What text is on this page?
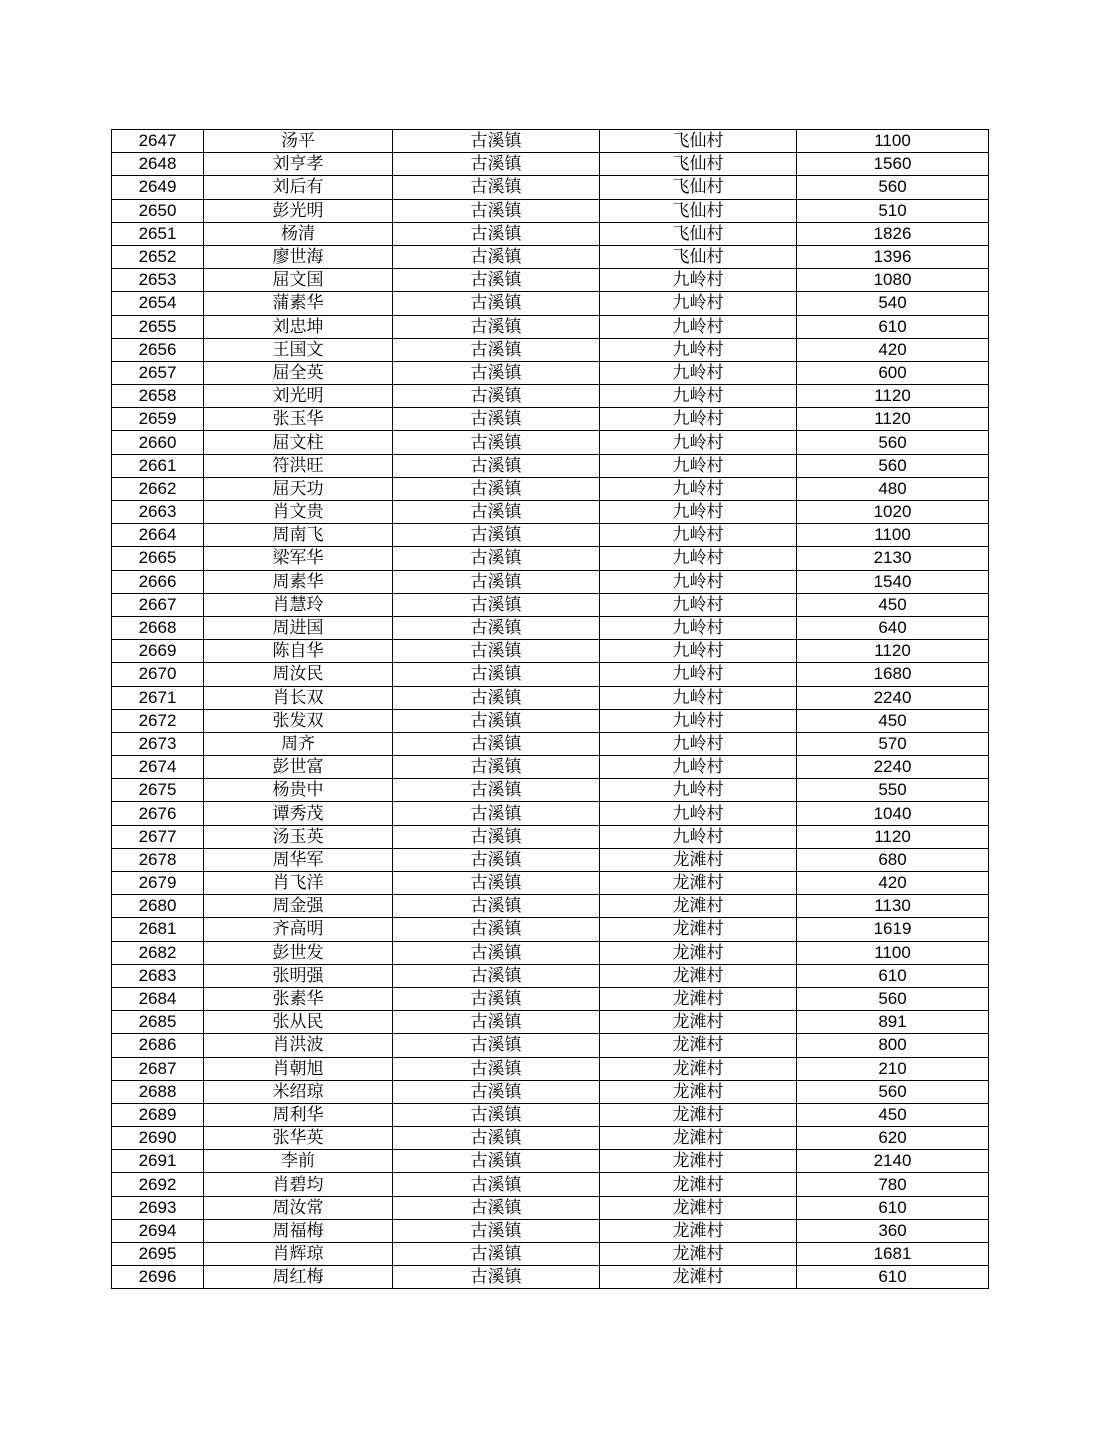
2647	汤平	古溪镇	飞仙村	1100
2648	刘亨孝	古溪镇	飞仙村	1560
2649	刘后有	古溪镇	飞仙村	560
2650	彭光明	古溪镇	飞仙村	510
2651	杨清	古溪镇	飞仙村	1826
2652	廖世海	古溪镇	飞仙村	1396
2653	屈文国	古溪镇	九岭村	1080
2654	蒲素华	古溪镇	九岭村	540
2655	刘忠坤	古溪镇	九岭村	610
2656	王国文	古溪镇	九岭村	420
2657	屈全英	古溪镇	九岭村	600
2658	刘光明	古溪镇	九岭村	1120
2659	张玉华	古溪镇	九岭村	1120
2660	屈文柱	古溪镇	九岭村	560
2661	符洪旺	古溪镇	九岭村	560
2662	屈天功	古溪镇	九岭村	480
2663	肖文贵	古溪镇	九岭村	1020
2664	周南飞	古溪镇	九岭村	1100
2665	梁军华	古溪镇	九岭村	2130
2666	周素华	古溪镇	九岭村	1540
2667	肖慧玲	古溪镇	九岭村	450
2668	周进国	古溪镇	九岭村	640
2669	陈自华	古溪镇	九岭村	1120
2670	周汝民	古溪镇	九岭村	1680
2671	肖长双	古溪镇	九岭村	2240
2672	张发双	古溪镇	九岭村	450
2673	周齐	古溪镇	九岭村	570
2674	彭世富	古溪镇	九岭村	2240
2675	杨贵中	古溪镇	九岭村	550
2676	谭秀茂	古溪镇	九岭村	1040
2677	汤玉英	古溪镇	九岭村	1120
2678	周华军	古溪镇	龙滩村	680
2679	肖飞洋	古溪镇	龙滩村	420
2680	周金强	古溪镇	龙滩村	1130
2681	齐高明	古溪镇	龙滩村	1619
2682	彭世发	古溪镇	龙滩村	1100
2683	张明强	古溪镇	龙滩村	610
2684	张素华	古溪镇	龙滩村	560
2685	张从民	古溪镇	龙滩村	891
2686	肖洪波	古溪镇	龙滩村	800
2687	肖朝旭	古溪镇	龙滩村	210
2688	米绍琼	古溪镇	龙滩村	560
2689	周利华	古溪镇	龙滩村	450
2690	张华英	古溪镇	龙滩村	620
2691	李前	古溪镇	龙滩村	2140
2692	肖碧均	古溪镇	龙滩村	780
2693	周汝常	古溪镇	龙滩村	610
2694	周福梅	古溪镇	龙滩村	360
2695	肖辉琼	古溪镇	龙滩村	1681
2696	周红梅	古溪镇	龙滩村	610
